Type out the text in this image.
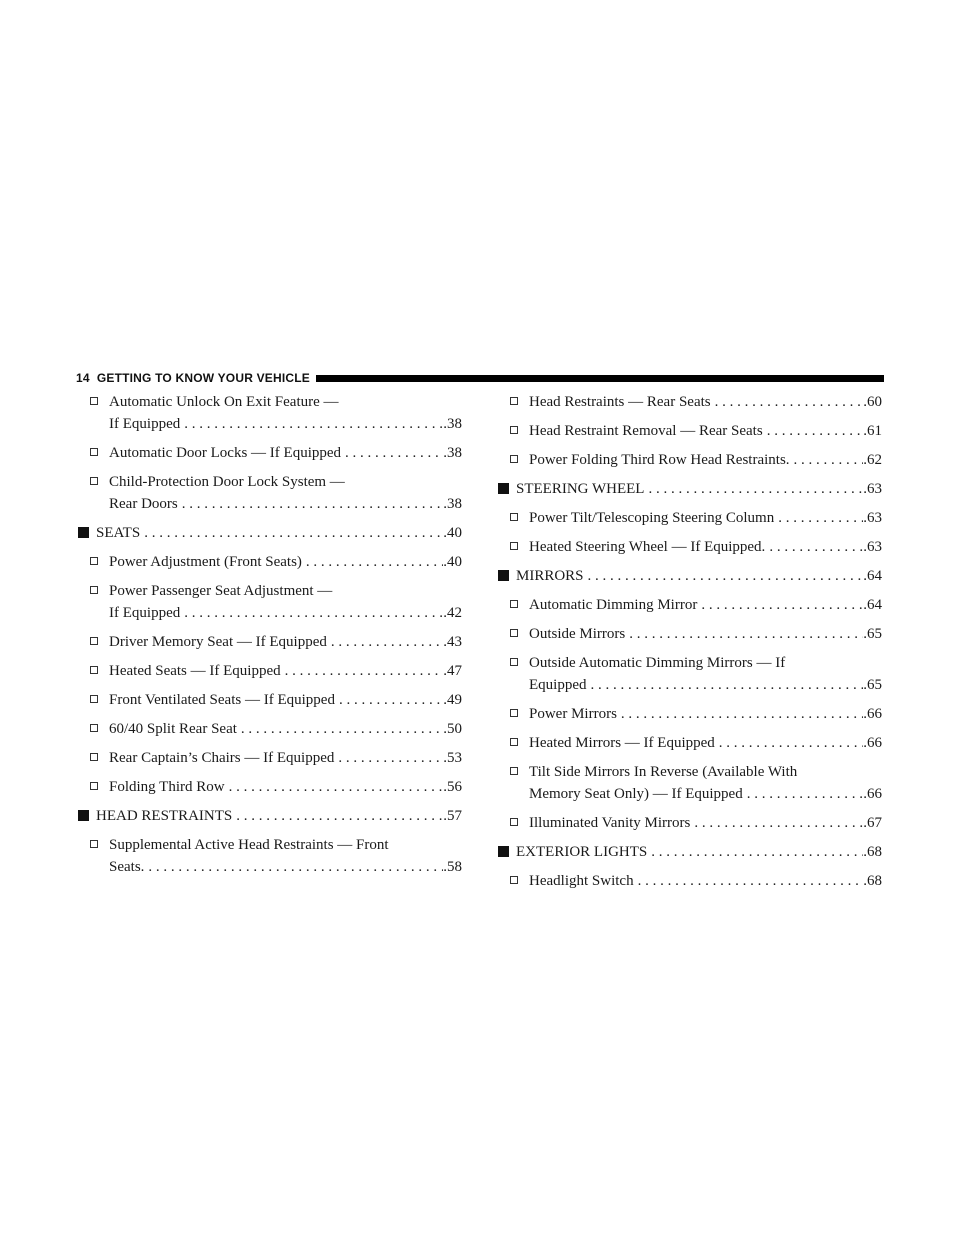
14 GETTING TO KNOW YOUR VEHICLE
Automatic Unlock On Exit Feature —
If Equipped . . .	.38
Automatic Door Locks — If Equipped . . .	.38
Child-Protection Door Lock System —
Rear Doors . . .	.38
SEATS . . .	.40
Power Adjustment (Front Seats) . . .	.40
Power Passenger Seat Adjustment —
If Equipped . . .	.42
Driver Memory Seat — If Equipped . . .	.43
Heated Seats — If Equipped . . .	.47
Front Ventilated Seats — If Equipped . . .	.49
60/40 Split Rear Seat . . .	.50
Rear Captain’s Chairs — If Equipped . . .	.53
Folding Third Row . . .	.56
HEAD RESTRAINTS . . .	.57
Supplemental Active Head Restraints — Front
Seats. . . .	.58
Head Restraints — Rear Seats . . .	.60
Head Restraint Removal — Rear Seats . . .	.61
Power Folding Third Row Head Restraints. . . .	.62
STEERING WHEEL . . .	.63
Power Tilt/Telescoping Steering Column . . .	.63
Heated Steering Wheel — If Equipped. . . .	.63
MIRRORS . . .	.64
Automatic Dimming Mirror . . .	.64
Outside Mirrors . . .	.65
Outside Automatic Dimming Mirrors — If
Equipped . . .	.65
Power Mirrors . . .	.66
Heated Mirrors — If Equipped . . .	.66
Tilt Side Mirrors In Reverse (Available With
Memory Seat Only) — If Equipped . . .	.66
Illuminated Vanity Mirrors . . .	.67
EXTERIOR LIGHTS . . .	.68
Headlight Switch . . .	.68
